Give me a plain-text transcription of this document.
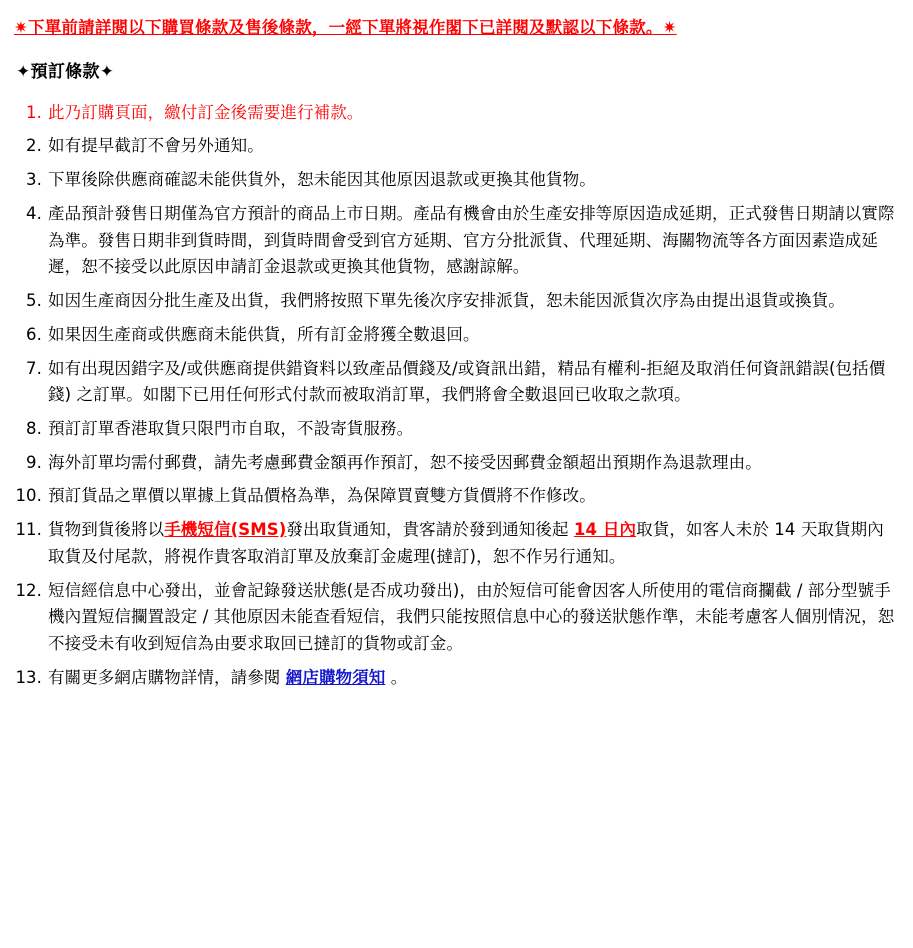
✷下單前請詳閱以下購買條款及售後條款，一經下單將視作閣下已詳閱及默認以下條款。✷
✦預訂條款✦
1. 此乃訂購頁面，繳付訂金後需要進行補款。
2. 如有提早截訂不會另外通知。
3. 下單後除供應商確認未能供貨外，恕未能因其他原因退款或更換其他貨物。
4. 產品預計發售日期僅為官方預計的商品上市日期。產品有機會由於生產安排等原因造成延期，正式發售日期請以實際為準。發售日期非到貨時間，到貨時間會受到官方延期、官方分批派貨、代理延期、海關物流等各方面因素造成延遲，恕不接受以此原因申請訂金退款或更換其他貨物，感謝諒解。
5. 如因生產商因分批生產及出貨，我們將按照下單先後次序安排派貨，恕未能因派貨次序為由提出退貨或換貨。
6. 如果因生產商或供應商未能供貨，所有訂金將獲全數退回。
7. 如有出現因錯字及/或供應商提供錯資料以致產品價錢及/或資訊出錯，精品有權利-拒絕及取消任何資訊錯誤(包括價錢) 之訂單。如閣下已用任何形式付款而被取消訂單，我們將會全數退回已收取之款項。
8. 預訂訂單香港取貨只限門市自取，不設寄貨服務。
9. 海外訂單均需付郵費，請先考慮郵費金額再作預訂，恕不接受因郵費金額超出預期作為退款理由。
10. 預訂貨品之單價以單據上貨品價格為準，為保障買賣雙方貨價將不作修改。
11. 貨物到貨後將以手機短信(SMS)發出取貨通知，貴客請於發到通知後起 14 日內取貨，如客人未於 14 天取貨期內取貨及付尾款，將視作貴客取消訂單及放棄訂金處理(撻訂)，恕不作另行通知。
12. 短信經信息中心發出，並會記錄發送狀態(是否成功發出)，由於短信可能會因客人所使用的電信商攔截 / 部分型號手機內置短信攔置設定 / 其他原因未能查看短信，我們只能按照信息中心的發送狀態作準，未能考慮客人個別情況，恕不接受未有收到短信為由要求取回已撻訂的貨物或訂金。
13. 有關更多網店購物詳情，請參閱 網店購物須知 。
